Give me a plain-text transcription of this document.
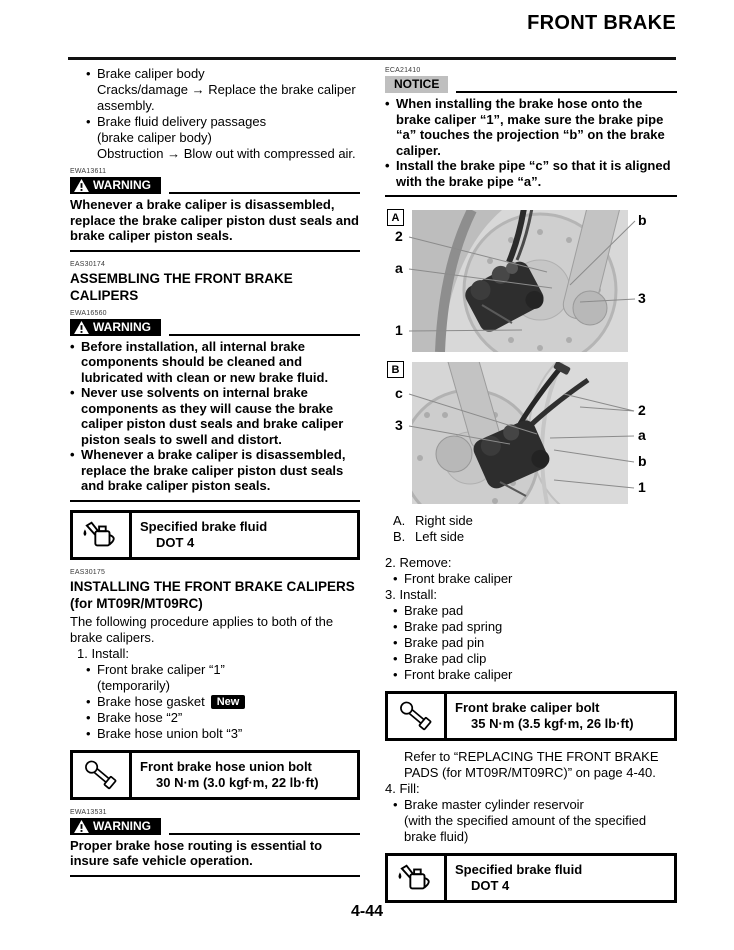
FRONT BRAKE
•
Brake caliper body
Cracks/damage → Replace the brake caliper assembly.
•
Brake fluid delivery passages
(brake caliper body)
Obstruction → Blow out with compressed air.
EWA13611
WARNING
Whenever a brake caliper is disassembled, replace the brake caliper piston dust seals and brake caliper piston seals.
EAS30174
ASSEMBLING THE FRONT BRAKE CALIPERS
EWA16560
WARNING
•
Before installation, all internal brake components should be cleaned and lubricated with clean or new brake fluid.
•
Never use solvents on internal brake components as they will cause the brake caliper piston dust seals and brake caliper piston seals to swell and distort.
•
Whenever a brake caliper is disassembled, replace the brake caliper piston dust seals and brake caliper piston seals.
Specified brake fluid
DOT 4
EAS30175
INSTALLING THE FRONT BRAKE CALIPERS (for MT09R/MT09RC)
The following procedure applies to both of the brake calipers.
1. Install:
•
Front brake caliper “1”
(temporarily)
•
Brake hose gasket New
•
Brake hose “2”
•
Brake hose union bolt “3”
Front brake hose union bolt
30 N·m (3.0 kgf·m, 22 lb·ft)
EWA13531
WARNING
Proper brake hose routing is essential to insure safe vehicle operation.
ECA21410
NOTICE
•
When installing the brake hose onto the brake caliper “1”, make sure the brake pipe “a” touches the projection “b” on the brake caliper.
•
Install the brake pipe “c” so that it is aligned with the brake pipe “a”.
A
2
a
1
b
3
B
c
3
2
a
b
1
A. Right side
B. Left side
2. Remove:
•
Front brake caliper
3. Install:
•
Brake pad
•
Brake pad spring
•
Brake pad pin
•
Brake pad clip
•
Front brake caliper
Front brake caliper bolt
35 N·m (3.5 kgf·m, 26 lb·ft)
Refer to “REPLACING THE FRONT BRAKE PADS (for MT09R/MT09RC)” on page 4-40.
4. Fill:
•
Brake master cylinder reservoir
(with the specified amount of the specified brake fluid)
Specified brake fluid
DOT 4
4-44
